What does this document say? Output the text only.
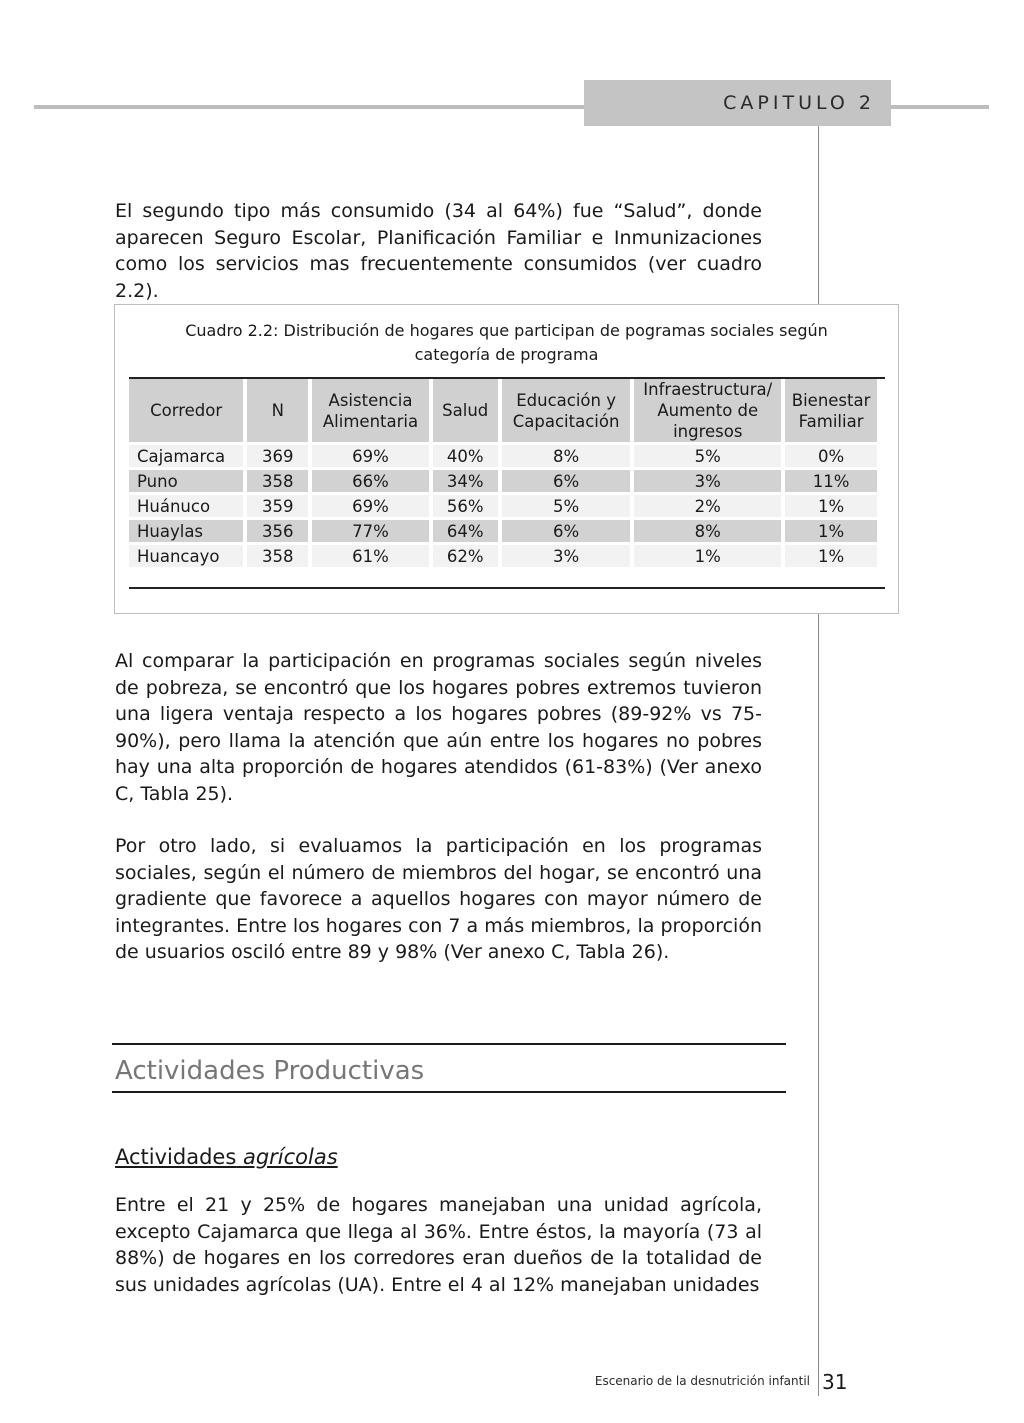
CAPITULO 2

El segundo tipo más consumido (34 al 64%) fue “Salud”, donde aparecen Seguro Escolar, Planificación Familiar e Inmunizaciones como los servicios mas frecuentemente consumidos (ver cuadro 2.2).

Cuadro 2.2: Distribución de hogares que participan de pogramas sociales según
categoría de programa
Corredor	N	Asistencia Alimentaria	Salud	Educación y Capacitación	Infraestructura/ Aumento de ingresos	Bienestar Familiar
Cajamarca	369	69%	40%	8%	5%	0%
Puno	358	66%	34%	6%	3%	11%
Huánuco	359	69%	56%	5%	2%	1%
Huaylas	356	77%	64%	6%	8%	1%
Huancayo	358	61%	62%	3%	1%	1%

Al comparar la participación en programas sociales según niveles de pobreza, se encontró que los hogares pobres extremos tuvieron una ligera ventaja respecto a los hogares pobres (89-92% vs 75-90%), pero llama la atención que aún entre los hogares no pobres hay una alta proporción de hogares atendidos (61-83%) (Ver anexo C, Tabla 25).

Por otro lado, si evaluamos la participación en los programas sociales, según el número de miembros del hogar, se encontró una gradiente que favorece a aquellos hogares con mayor número de integrantes. Entre los hogares con 7 a más miembros, la proporción de usuarios osciló entre 89 y 98% (Ver anexo C, Tabla 26).

Actividades Productivas
Actividades agrícolas

Entre el 21 y 25% de hogares manejaban una unidad agrícola, excepto Cajamarca que llega al 36%. Entre éstos, la mayoría (73 al 88%) de hogares en los corredores eran dueños de la totalidad de sus unidades agrícolas (UA). Entre el 4 al 12% manejaban unidades

Escenario de la desnutrición infantil 31
